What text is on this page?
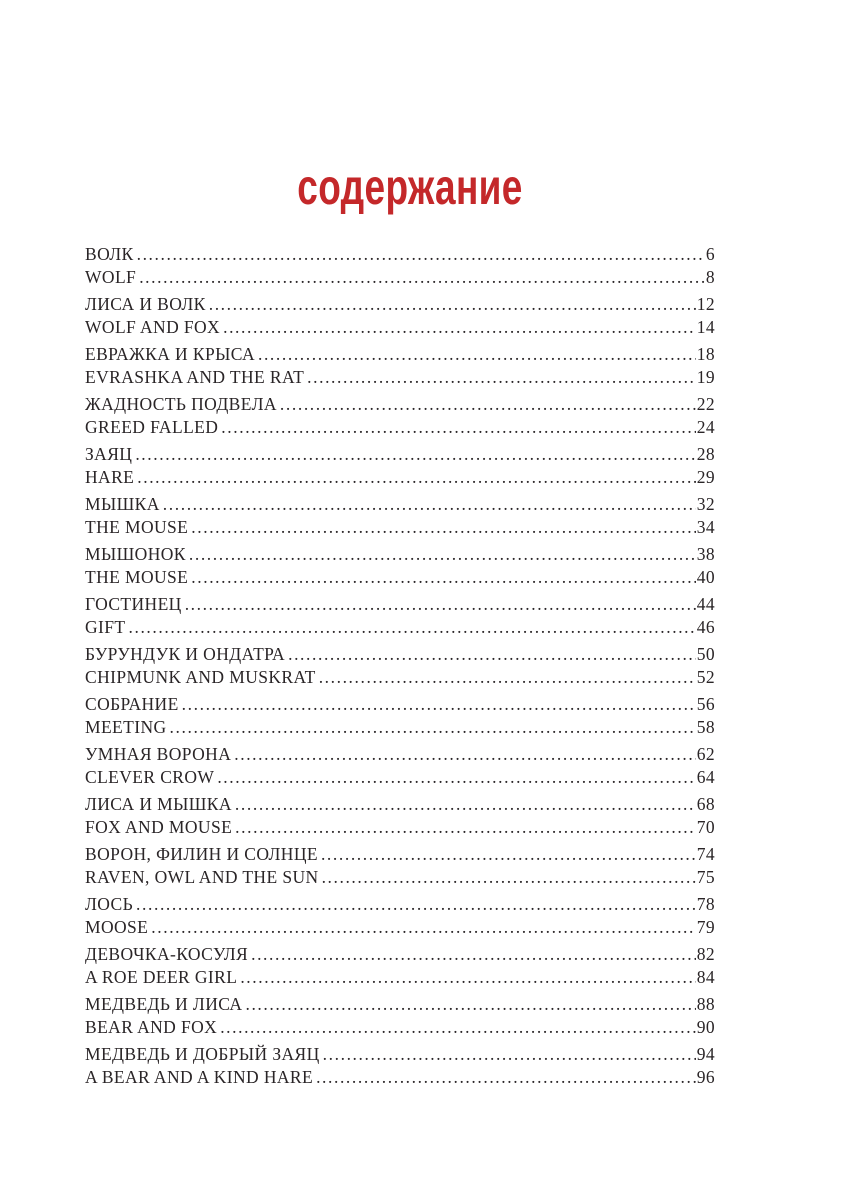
содержание
ВОЛК .....	6
WOLF .....	8
ЛИСА И ВОЛК .....	12
WOLF AND FOX .....	14
ЕВРАЖКА И КРЫСА .....	18
EVRASHKA AND THE RAT .....	19
ЖАДНОСТЬ ПОДВЕЛА .....	22
GREED FALLED .....	24
ЗАЯЦ .....	28
HARE .....	29
МЫШКА .....	32
THE MOUSE .....	34
МЫШОНОК .....	38
THE MOUSE .....	40
ГОСТИНЕЦ .....	44
GIFT .....	46
БУРУНДУК И ОНДАТРА .....	50
CHIPMUNK AND MUSKRAT .....	52
СОБРАНИЕ .....	56
MEETING .....	58
УМНАЯ ВОРОНА .....	62
CLEVER CROW .....	64
ЛИСА И МЫШКА .....	68
FOX AND MOUSE .....	70
ВОРОН, ФИЛИН И СОЛНЦЕ .....	74
RAVEN, OWL AND THE SUN .....	75
ЛОСЬ .....	78
MOOSE .....	79
ДЕВОЧКА-КОСУЛЯ .....	82
A ROE DEER GIRL .....	84
МЕДВЕДЬ И ЛИСА .....	88
BEAR AND FOX .....	90
МЕДВЕДЬ И ДОБРЫЙ ЗАЯЦ .....	94
A BEAR AND A KIND HARE .....	96
